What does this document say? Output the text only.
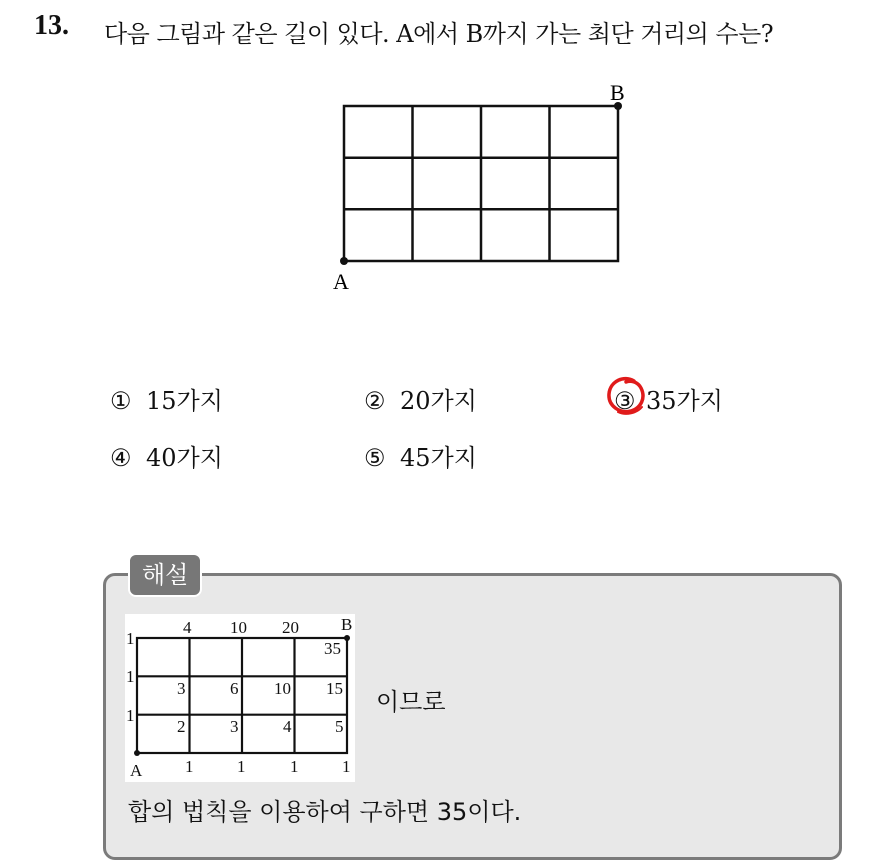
13. 다음 그림과 같은 길이 있다. A에서 B까지 가는 최단 거리의 수는?
A
B
① 15가지	② 20가지	③ 35가지
④ 40가지	⑤ 45가지
해설
4 10 20 B
1
1
1
35
3	6 10 15
2	3	4	5
A	1	1	1	1
이므로
합의 법칙을 이용하여 구하면 35이다.
